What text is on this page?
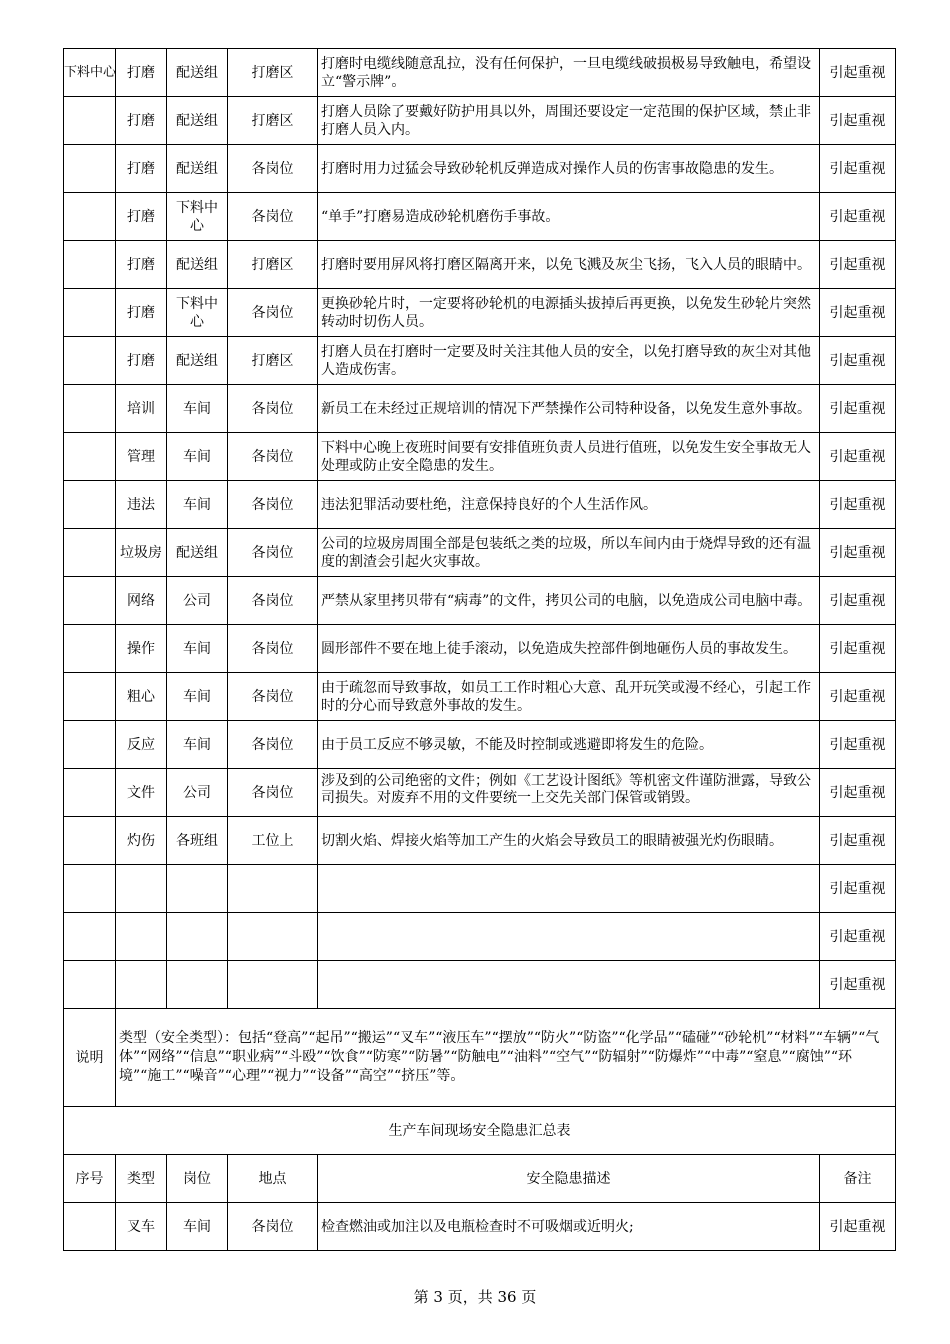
下料中心	打磨	配送组	打磨区	打磨时电缆线随意乱拉，没有任何保护，一旦电缆线破损极易导致触电，希望设立“警示牌”。	引起重视
	打磨	配送组	打磨区	打磨人员除了要戴好防护用具以外，周围还要设定一定范围的保护区域，禁止非打磨人员入内。	引起重视
	打磨	配送组	各岗位	打磨时用力过猛会导致砂轮机反弹造成对操作人员的伤害事故隐患的发生。	引起重视
	打磨	下料中心	各岗位	“单手”打磨易造成砂轮机磨伤手事故。	引起重视
	打磨	配送组	打磨区	打磨时要用屏风将打磨区隔离开来，以免飞溅及灰尘飞扬，飞入人员的眼睛中。	引起重视
	打磨	下料中心	各岗位	更换砂轮片时，一定要将砂轮机的电源插头拔掉后再更换，以免发生砂轮片突然转动时切伤人员。	引起重视
	打磨	配送组	打磨区	打磨人员在打磨时一定要及时关注其他人员的安全，以免打磨导致的灰尘对其他人造成伤害。	引起重视
	培训	车间	各岗位	新员工在未经过正规培训的情况下严禁操作公司特种设备，以免发生意外事故。	引起重视
	管理	车间	各岗位	下料中心晚上夜班时间要有安排值班负责人员进行值班，以免发生安全事故无人处理或防止安全隐患的发生。	引起重视
	违法	车间	各岗位	违法犯罪活动要杜绝，注意保持良好的个人生活作风。	引起重视
	垃圾房	配送组	各岗位	公司的垃圾房周围全部是包装纸之类的垃圾，所以车间内由于烧焊导致的还有温度的割渣会引起火灾事故。	引起重视
	网络	公司	各岗位	严禁从家里拷贝带有“病毒”的文件，拷贝公司的电脑，以免造成公司电脑中毒。	引起重视
	操作	车间	各岗位	圆形部件不要在地上徒手滚动，以免造成失控部件倒地砸伤人员的事故发生。	引起重视
	粗心	车间	各岗位	由于疏忽而导致事故，如员工工作时粗心大意、乱开玩笑或漫不经心，引起工作时的分心而导致意外事故的发生。	引起重视
	反应	车间	各岗位	由于员工反应不够灵敏，不能及时控制或逃避即将发生的危险。	引起重视
	文件	公司	各岗位	涉及到的公司绝密的文件；例如《工艺设计图纸》等机密文件谨防泄露，导致公司损失。对废弃不用的文件要统一上交先关部门保管或销毁。	引起重视
	灼伤	各班组	工位上	切割火焰、焊接火焰等加工产生的火焰会导致员工的眼睛被强光灼伤眼睛。	引起重视
					引起重视
					引起重视
					引起重视
说明	类型（安全类型）：包括“登高”“起吊”“搬运”“叉车”“液压车”“摆放”“防火”“防盗”“化学品”“磕碰”“砂轮机”“材料”“车辆”“气体”“网络”“信息”“职业病”“斗殴”“饮食”“防寒”“防暑”“防触电”“油料”“空气”“防辐射”“防爆炸”“中毒”“窒息”“腐蚀”“环境”“施工”“噪音”“心理”“视力”“设备”“高空”“挤压”等。				
生产车间现场安全隐患汇总表					
序号	类型	岗位	地点	安全隐患描述	备注
	叉车	车间	各岗位	检查燃油或加注以及电瓶检查时不可吸烟或近明火;	引起重视
第 3 页，共 36 页
